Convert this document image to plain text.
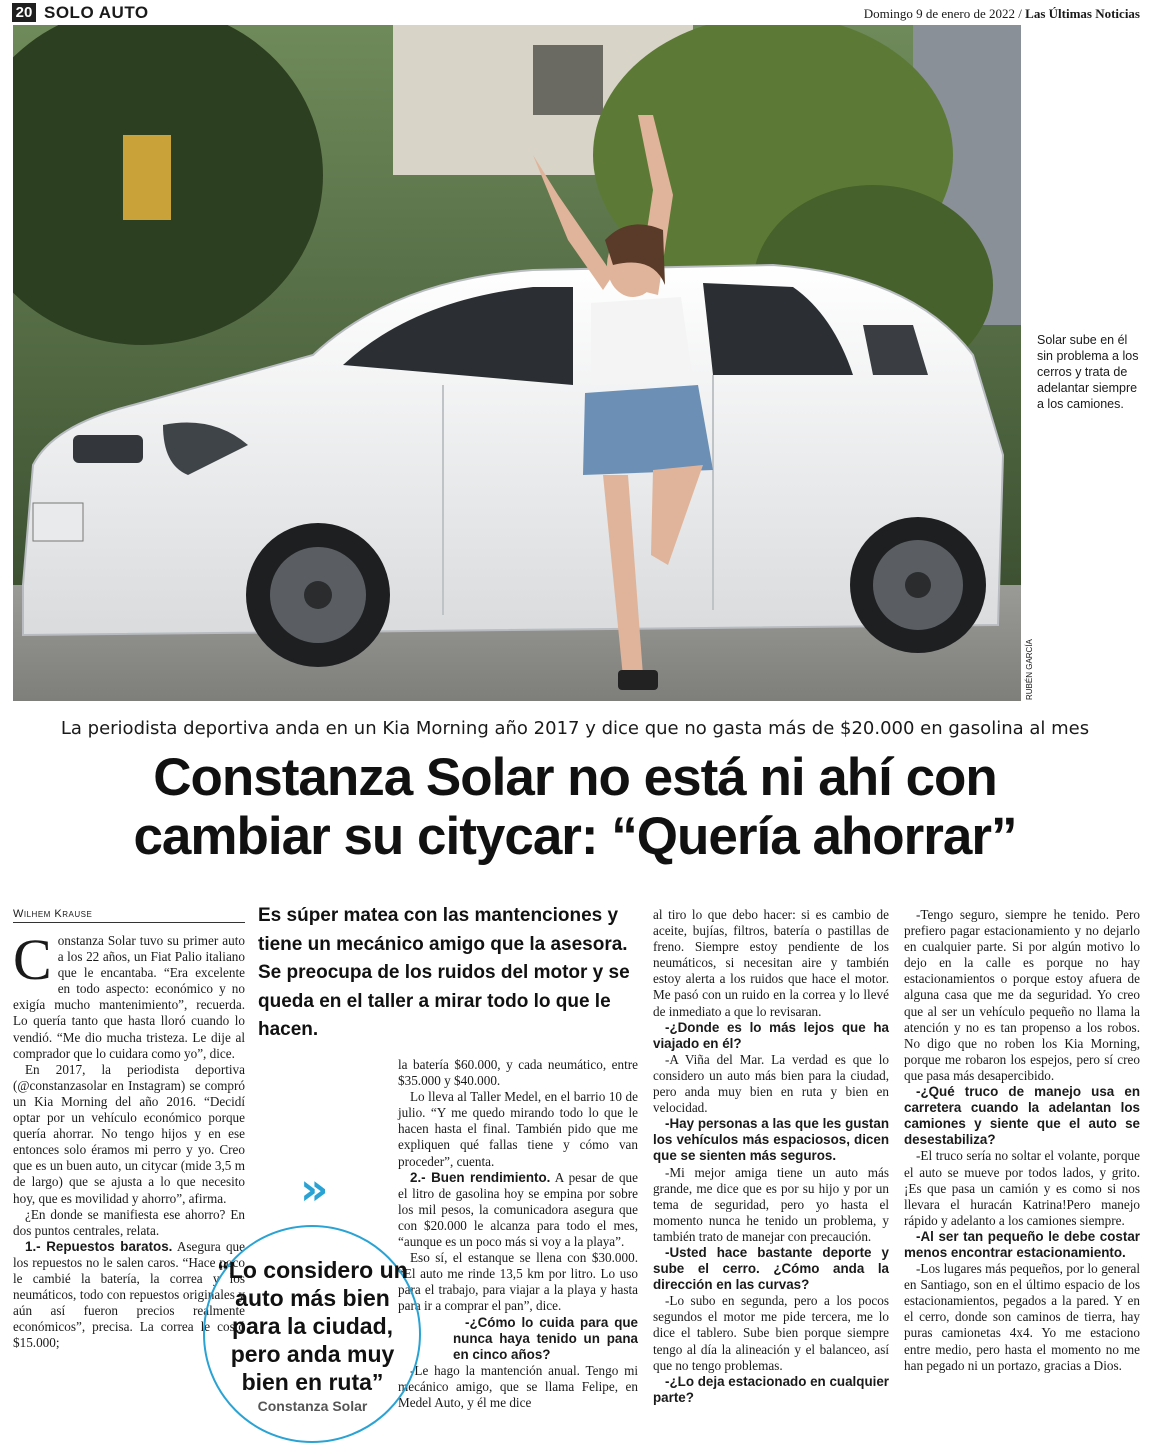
20 SOLO AUTO	Domingo 9 de enero de 2022 / Las Últimas Noticias
RUBÉN GARCÍA
Solar sube en él sin problema a los cerros y trata de adelantar siempre a los camiones.
La periodista deportiva anda en un Kia Morning año 2017 y dice que no gasta más de $20.000 en gasolina al mes
Constanza Solar no está ni ahí con
cambiar su citycar: “Quería ahorrar”
Wilhem Krause

Constanza Solar tuvo su primer auto a los 22 años, un Fiat Palio italiano que le encantaba. “Era excelente en todo aspecto: económico y no exigía mucho mantenimiento”, recuerda. Lo quería tanto que hasta lloró cuando lo vendió. “Me dio mucha tristeza. Le dije al comprador que lo cuidara como yo”, dice.

En 2017, la periodista deportiva (@constanzasolar en Instagram) se compró un Kia Morning del año 2016. “Decidí optar por un vehículo económico porque quería ahorrar. No tengo hijos y en ese entonces solo éramos mi perro y yo. Creo que es un buen auto, un citycar (mide 3,5 m de largo) que se ajusta a lo que necesito hoy, que es movilidad y ahorro”, afirma.

¿En donde se manifiesta ese ahorro? En dos puntos centrales, relata.

1.- Repuestos baratos. Asegura que los repuestos no le salen caros. “Hace poco le cambié la batería, la correa y los neumáticos, todo con repuestos originales y aún así fueron precios realmente económicos”, precisa. La correa le costó $15.000;

Es súper matea con las mantenciones y tiene un mecánico amigo que la asesora. Se preocupa de los ruidos del motor y se queda en el taller a mirar todo lo que le hacen.

la batería $60.000, y cada neumático, entre $35.000 y $40.000.

Lo lleva al Taller Medel, en el barrio 10 de julio. “Y me quedo mirando todo lo que le hacen hasta el final. También pido que me expliquen qué fallas tiene y cómo van proceder”, cuenta.

2.- Buen rendimiento. A pesar de que el litro de gasolina hoy se empina por sobre los mil pesos, la comunicadora asegura que con $20.000 le alcanza para todo el mes, “aunque es un poco más si voy a la playa”.

Eso sí, el estanque se llena con $30.000. “El auto me rinde 13,5 km por litro. Lo uso para el trabajo, para viajar a la playa y hasta para ir a comprar el pan”, dice.

-¿Cómo lo cuida para que nunca haya tenido un pana en cinco años?

-Le hago la mantención anual. Tengo mi mecánico amigo, que se llama Felipe, en Medel Auto, y él me dice

»
“Lo considero un auto más bien para la ciudad, pero anda muy bien en ruta”
Constanza Solar

al tiro lo que debo hacer: si es cambio de aceite, bujías, filtros, batería o pastillas de freno. Siempre estoy pendiente de los neumáticos, si necesitan aire y también estoy alerta a los ruidos que hace el motor. Me pasó con un ruido en la correa y lo llevé de inmediato a que lo revisaran.

-¿Donde es lo más lejos que ha viajado en él?

-A Viña del Mar. La verdad es que lo considero un auto más bien para la ciudad, pero anda muy bien en ruta y bien en velocidad.

-Hay personas a las que les gustan los vehículos más espaciosos, dicen que se sienten más seguros.

-Mi mejor amiga tiene un auto más grande, me dice que es por su hijo y por un tema de seguridad, pero yo hasta el momento nunca he tenido un problema, y también trato de manejar con precaución.

-Usted hace bastante deporte y sube el cerro. ¿Cómo anda la dirección en las curvas?

-Lo subo en segunda, pero a los pocos segundos el motor me pide tercera, me lo dice el tablero. Sube bien porque siempre tengo al día la alineación y el balanceo, así que no tengo problemas.

-¿Lo deja estacionado en cualquier parte?

-Tengo seguro, siempre he tenido. Pero prefiero pagar estacionamiento y no dejarlo en cualquier parte. Si por algún motivo lo dejo en la calle es porque no hay estacionamientos o porque estoy afuera de alguna casa que me da seguridad. Yo creo que al ser un vehículo pequeño no llama la atención y no es tan propenso a los robos. No digo que no roben los Kia Morning, porque me robaron los espejos, pero sí creo que pasa más desapercibido.

-¿Qué truco de manejo usa en carretera cuando la adelantan los camiones y siente que el auto se desestabiliza?

-El truco sería no soltar el volante, porque el auto se mueve por todos lados, y grito. ¡Es que pasa un camión y es como si nos llevara el huracán Katrina!Pero manejo rápido y adelanto a los camiones siempre.

-Al ser tan pequeño le debe costar menos encontrar estacionamiento.

-Los lugares más pequeños, por lo general en Santiago, son en el último espacio de los estacionamientos, pegados a la pared. Y en el cerro, donde son caminos de tierra, hay puras camionetas 4x4. Yo me estaciono entre medio, pero hasta el momento no me han pegado ni un portazo, gracias a Dios.
